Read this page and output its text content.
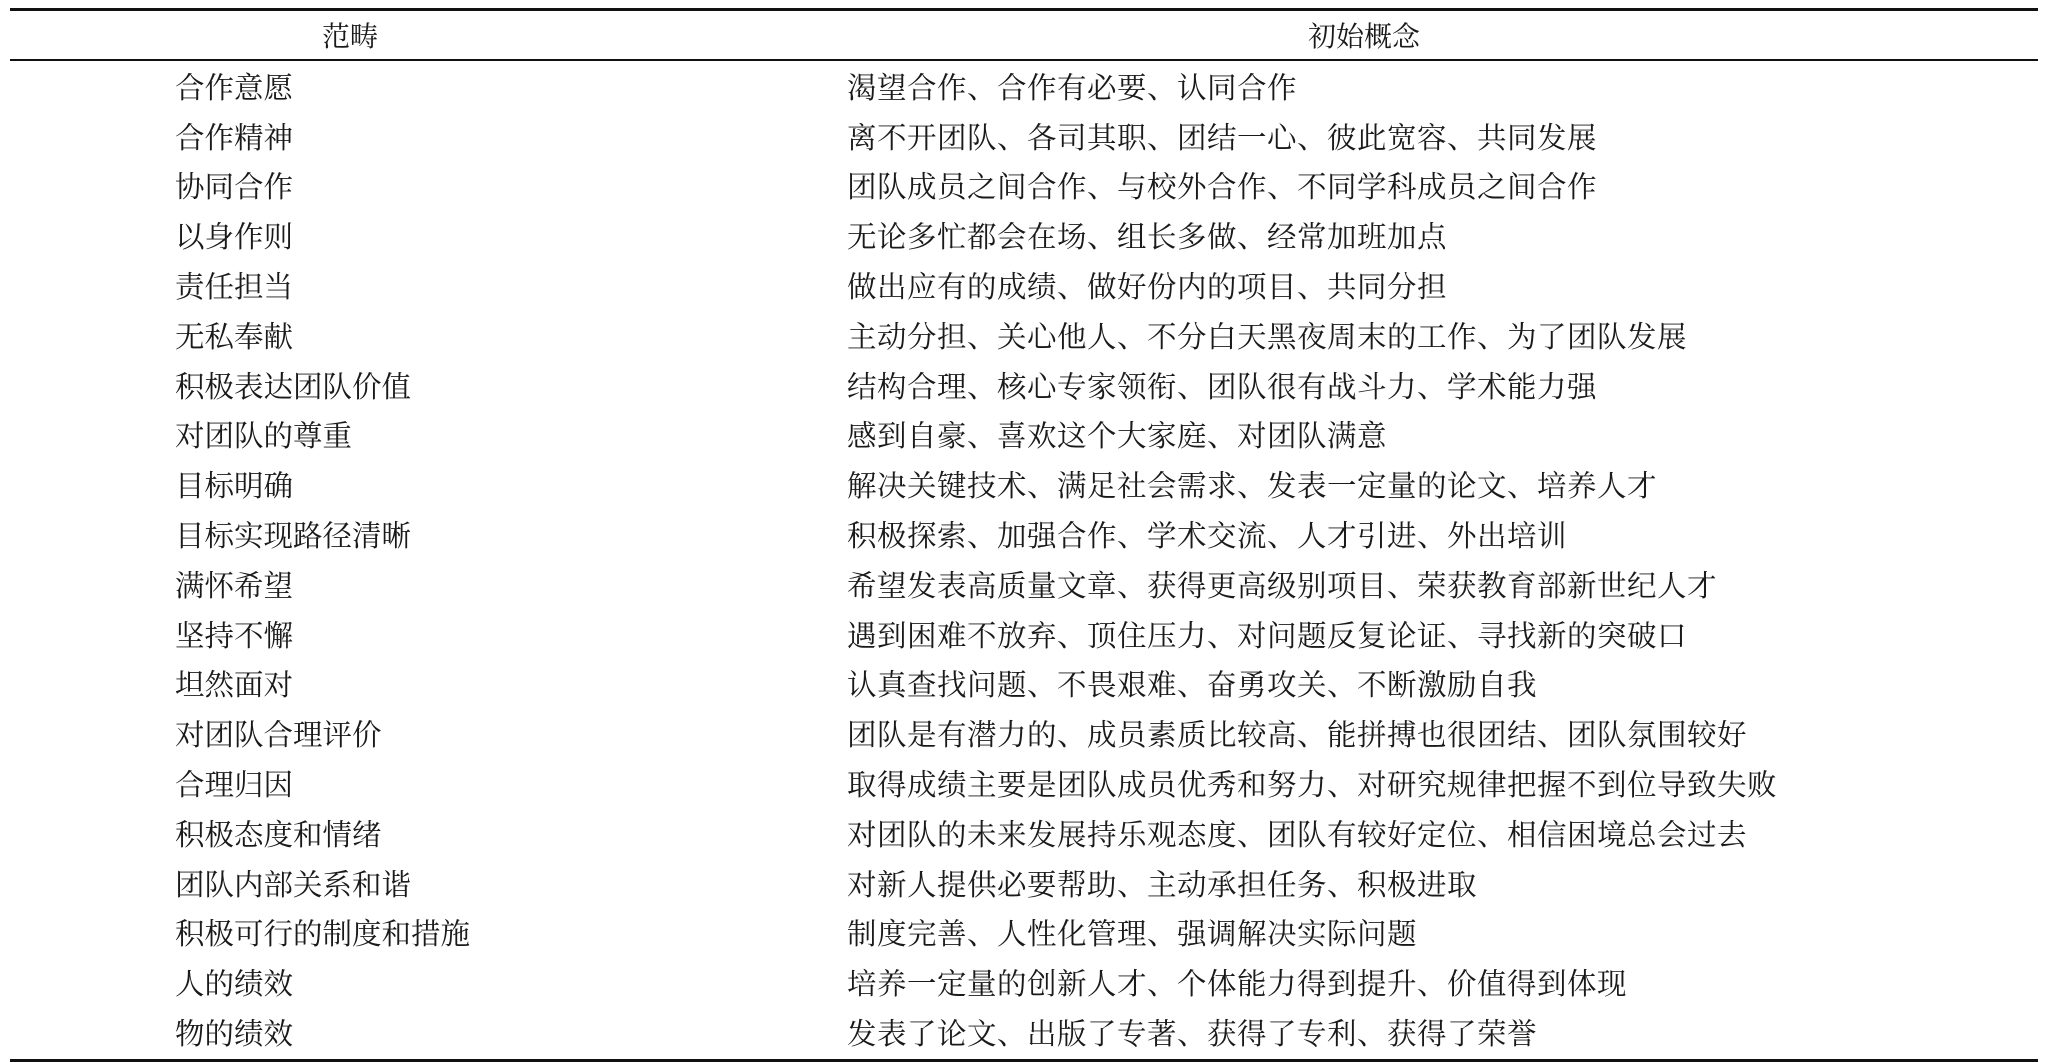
范畴	初始概念
合作意愿	渴望合作、合作有必要、认同合作
合作精神	离不开团队、各司其职、团结一心、彼此宽容、共同发展
协同合作	团队成员之间合作、与校外合作、不同学科成员之间合作
以身作则	无论多忙都会在场、组长多做、经常加班加点
责任担当	做出应有的成绩、做好份内的项目、共同分担
无私奉献	主动分担、关心他人、不分白天黑夜周末的工作、为了团队发展
积极表达团队价值	结构合理、核心专家领衔、团队很有战斗力、学术能力强
对团队的尊重	感到自豪、喜欢这个大家庭、对团队满意
目标明确	解决关键技术、满足社会需求、发表一定量的论文、培养人才
目标实现路径清晰	积极探索、加强合作、学术交流、人才引进、外出培训
满怀希望	希望发表高质量文章、获得更高级别项目、荣获教育部新世纪人才
坚持不懈	遇到困难不放弃、顶住压力、对问题反复论证、寻找新的突破口
坦然面对	认真查找问题、不畏艰难、奋勇攻关、不断激励自我
对团队合理评价	团队是有潜力的、成员素质比较高、能拼搏也很团结、团队氛围较好
合理归因	取得成绩主要是团队成员优秀和努力、对研究规律把握不到位导致失败
积极态度和情绪	对团队的未来发展持乐观态度、团队有较好定位、相信困境总会过去
团队内部关系和谐	对新人提供必要帮助、主动承担任务、积极进取
积极可行的制度和措施	制度完善、人性化管理、强调解决实际问题
人的绩效	培养一定量的创新人才、个体能力得到提升、价值得到体现
物的绩效	发表了论文、出版了专著、获得了专利、获得了荣誉
